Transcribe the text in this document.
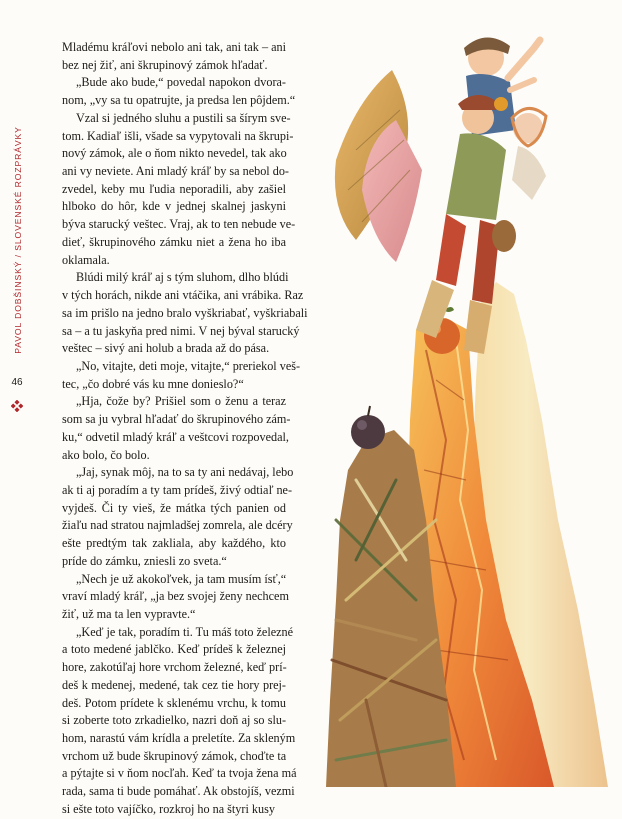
PAVOL DOBŠINSKÝ / SLOVENSKÉ ROZPRÁVKY
46

Mladému kráľovi nebolo ani tak, ani tak – ani
bez nej žiť, ani škrupinový zámok hľadať.

„Bude ako bude,“ povedal napokon dvora-
nom, „vy sa tu opatrujte, ja predsa len pôjdem.“

Vzal si jedného sluhu a pustili sa šírym sve-
tom. Kadiaľ išli, všade sa vypytovali na škrupi-
nový zámok, ale o ňom nikto nevedel, tak ako
ani vy neviete. Ani mladý kráľ by sa nebol do-
zvedel, keby mu ľudia neporadili, aby zašiel
hlboko do hôr, kde v jednej skalnej jaskyni
býva starucký veštec. Vraj, ak to ten nebude ve-
dieť, škrupinového zámku niet a žena ho iba
oklamala.

Blúdi milý kráľ aj s tým sluhom, dlho blúdi
v tých horách, nikde ani vtáčika, ani vrábika. Raz
sa im prišlo na jedno bralo vyškriabať, vyškriabali
sa – a tu jaskyňa pred nimi. V nej býval starucký
veštec – sivý ani holub a brada až do pása.

„No, vitajte, deti moje, vitajte,“ preriekol veš-
tec, „čo dobré vás ku mne donieslo?“

„Hja, čože by? Prišiel som o ženu a teraz
som sa ju vybral hľadať do škrupinového zám-
ku,“ odvetil mladý kráľ a veštcovi rozpovedal,
ako bolo, čo bolo.

„Jaj, synak môj, na to sa ty ani nedávaj, lebo
ak ti aj poradím a ty tam prídeš, živý odtiaľ ne-
vyjdeš. Či ty vieš, že mátka tých panien od
žiaľu nad stratou najmladšej zomrela, ale dcéry
ešte predtým tak zakliala, aby každého, kto
príde do zámku, zniesli zo sveta.“

„Nech je už akokoľvek, ja tam musím ísť,“
vraví mladý kráľ, „ja bez svojej ženy nechcem
žiť, už ma ta len vypravte.“

„Keď je tak, poradím ti. Tu máš toto železné
a toto medené jablčko. Keď prídeš k železnej
hore, zakotúľaj hore vrchom železné, keď prí-
deš k medenej, medené, tak cez tie hory prej-
deš. Potom prídete k sklenému vrchu, k tomu
si zoberte toto zrkadielko, nazri doň aj so slu-
hom, narastú vám krídla a preletíte. Za skleným
vrchom už bude škrupinový zámok, choďte ta
a pýtajte si v ňom nocľah. Keď ta tvoja žena má
rada, sama ti bude pomáhať. Ak obstojíš, vezmi
si ešte toto vajíčko, rozkroj ho na štyri kusy
